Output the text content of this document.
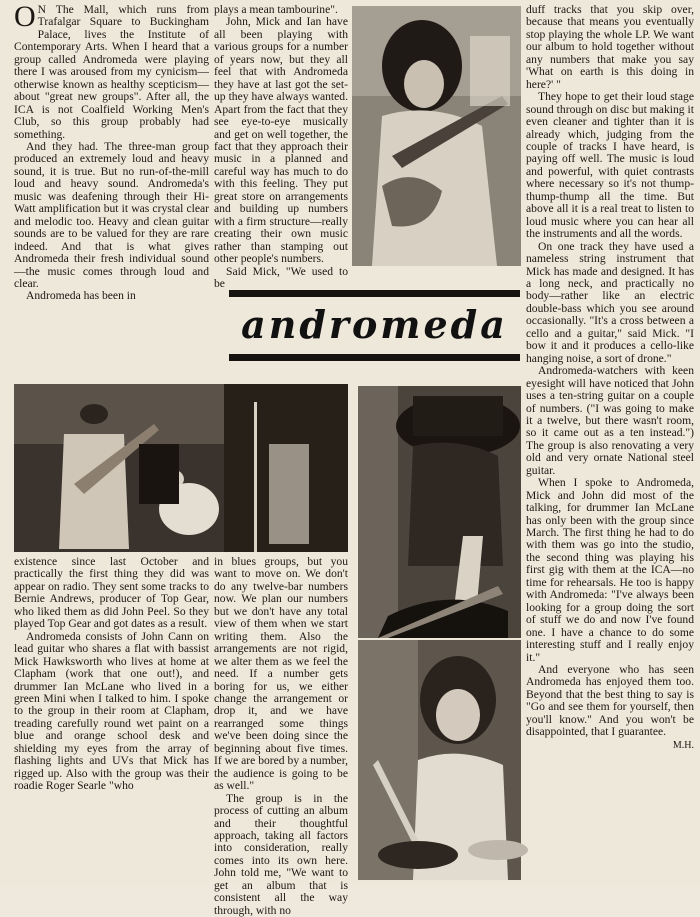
O N The Mall, which runs from Trafalgar Square to Buckingham Palace, lives the Institute of Contemporary Arts. When I heard that a group called Andromeda were playing there I was aroused from my cynicism—otherwise known as healthy scepticism—about "great new groups". After all, the ICA is not Coalfield Working Men's Club, so this group probably had something.

And they had. The three-man group produced an extremely loud and heavy sound, it is true. But no run-of-the-mill loud and heavy sound. Andromeda's music was deafening through their Hi-Watt amplification but it was crystal clear and melodic too. Heavy and clean guitar sounds are to be valued for they are rare indeed. And that is what gives Andromeda their fresh individual sound—the music comes through loud and clear.

Andromeda has been in

plays a mean tambourine".

John, Mick and Ian have all been playing with various groups for a number of years now, but they all feel that with Andromeda they have at last got the set-up they have always wanted. Apart from the fact that they see eye-to-eye musically and get on well together, the fact that they approach their music in a planned and careful way has much to do with this feeling. They put great store on arrangements and building up numbers with a firm structure—really creating their own music rather than stamping out other people's numbers.

Said Mick, "We used to be

duff tracks that you skip over, because that means you eventually stop playing the whole LP. We want our album to hold together without any numbers that make you say 'What on earth is this doing in here?' "

They hope to get their loud stage sound through on disc but making it even cleaner and tighter than it is already which, judging from the couple of tracks I have heard, is paying off well. The music is loud and powerful, with quiet contrasts where necessary so it's not thump-thump-thump all the time. But above all it is a real treat to listen to loud music where you can hear all the instruments and all the words.

On one track they have used a nameless string instrument that Mick has made and designed. It has a long neck, and practically no body—rather like an electric double-bass which you see around occasionally. "It's a cross between a cello and a guitar," said Mick. "I bow it and it produces a cello-like hanging noise, a sort of drone."

Andromeda-watchers with keen eyesight will have noticed that John uses a ten-string guitar on a couple of numbers. ("I was going to make it a twelve, but there wasn't room, so it came out as a ten instead.") The group is also renovating a very old and very ornate National steel guitar.

When I spoke to Andromeda, Mick and John did most of the talking, for drummer Ian McLane has only been with the group since March. The first thing he had to do with them was go into the studio, the second thing was playing his first gig with them at the ICA—no time for rehearsals. He too is happy with Andromeda: "I've always been looking for a group doing the sort of stuff we do and now I've found one. I have a chance to do some interesting stuff and I really enjoy it."

And everyone who has seen Andromeda has enjoyed them too. Beyond that the best thing to say is "Go and see them for yourself, then you'll know." And you won't be disappointed, that I guarantee.

M.H.
andromeda

existence since last October and practically the first thing they did was appear on radio. They sent some tracks to Bernie Andrews, producer of Top Gear, who liked them as did John Peel. So they played Top Gear and got dates as a result.

Andromeda consists of John Cann on lead guitar who shares a flat with bassist Mick Hawksworth who lives at home at Clapham (work that one out!), and drummer Ian McLane who lived in a green Mini when I talked to him. I spoke to the group in their room at Clapham, treading carefully round wet paint on a blue and orange school desk and shielding my eyes from the array of flashing lights and UVs that Mick has rigged up. Also with the group was their roadie Roger Searle "who

in blues groups, but you want to move on. We don't do any twelve-bar numbers now. We plan our numbers but we don't have any total view of them when we start writing them. Also the arrangements are not rigid, we alter them as we feel the need. If a number gets boring for us, we either change the arrangement or drop it, and we have rearranged some things we've been doing since the beginning about five times. If we are bored by a number, the audience is going to be as well."

The group is in the process of cutting an album and their thoughtful approach, taking all factors into consideration, really comes into its own here. John told me, "We want to get an album that is consistent all the way through, with no
